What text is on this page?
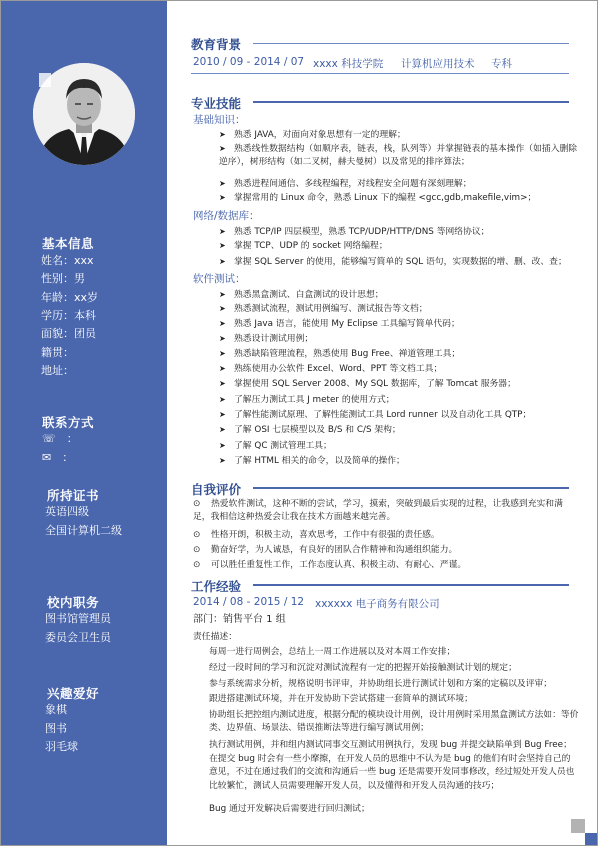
基本信息
姓名：xxx
性别：男
年龄：xx岁
学历：本科
面貌：团员
籍贯：
地址：
联系方式
☏　：
✉　：
所持证书
英语四级
全国计算机二级
校内职务
图书馆管理员
委员会卫生员
兴趣爱好
象棋
图书
羽毛球
教育背景
2010 / 09 - 2014 / 07 xxxx 科技学院 计算机应用技术 专科
专业技能
基础知识：
➤ 熟悉 JAVA，对面向对象思想有一定的理解；
➤ 熟悉线性数据结构（如顺序表，链表，栈，队列等）并掌握链表的基本操作（如插入删除逆序），树形结构（如二叉树，赫夫曼树）以及常见的排序算法；
➤ 熟悉进程间通信、多线程编程，对线程安全问题有深刻理解；
➤ 掌握常用的 Linux 命令，熟悉 Linux 下的编程 <gcc,gdb,makefile,vim>；
网络/数据库：
➤ 熟悉 TCP/IP 四层模型，熟悉 TCP/UDP/HTTP/DNS 等网络协议；
➤ 掌握 TCP、UDP 的 socket 网络编程；
➤ 掌握 SQL Server 的使用，能够编写简单的 SQL 语句，实现数据的增、删、改、查；
软件测试：
➤ 熟悉黑盒测试、白盒测试的设计思想；
➤ 熟悉测试流程，测试用例编写、测试报告等文档；
➤ 熟悉 Java 语言，能使用 My Eclipse 工具编写简单代码；
➤ 熟悉设计测试用例；
➤ 熟悉缺陷管理流程，熟悉使用 Bug Free、禅道管理工具；
➤ 熟练使用办公软件 Excel、Word、PPT 等文档工具；
➤ 掌握使用 SQL Server 2008、My SQL 数据库，了解 Tomcat 服务器；
➤ 了解压力测试工具 J meter 的使用方式；
➤ 了解性能测试原理、了解性能测试工具 Lord runner 以及自动化工具 QTP；
➤ 了解 OSI 七层模型以及 B/S 和 C/S 架构；
➤ 了解 QC 测试管理工具；
➤ 了解 HTML 相关的命令，以及简单的操作；
自我评价
⊙ 热爱软件测试，这种不断的尝试，学习，摸索，突破到最后实现的过程，让我感到充实和满足，我相信这种热爱会让我在技术方面越来越完善。
⊙ 性格开朗，积极主动，喜欢思考，工作中有很强的责任感。
⊙ 勤奋好学，为人诚恳，有良好的团队合作精神和沟通组织能力。
⊙ 可以胜任重复性工作，工作态度认真、积极主动、有耐心、严谨。
工作经验
2014 / 08 - 2015 / 12 xxxxxx 电子商务有限公司
部门：销售平台 1 组
责任描述：
每周一进行周例会，总结上一周工作进展以及对本周工作安排；
经过一段时间的学习和沉淀对测试流程有一定的把握开始接触测试计划的规定；
参与系统需求分析，规格说明书评审，并协助组长进行测试计划和方案的定稿以及评审；
跟进搭建测试环境，并在开发协助下尝试搭建一套简单的测试环境；
协助组长把控组内测试进度，根据分配的模块设计用例，设计用例时采用黑盒测试方法如：等价类、边界值、场景法、错误推断法等进行编写测试用例；
执行测试用例，并和组内测试同事交互测试用例执行，发现 bug 并提交缺陷单到 Bug Free；
在提交 bug 时会有一些小摩擦，在开发人员的思维中不认为是 bug 的他们有时会坚持自己的意见，不过在通过我们的交流和沟通后一些 bug 还是需要开发同事修改，经过短处开发人员也比较繁忙，测试人员需要理解开发人员，以及懂得和开发人员沟通的技巧；
Bug 通过开发解决后需要进行回归测试；
